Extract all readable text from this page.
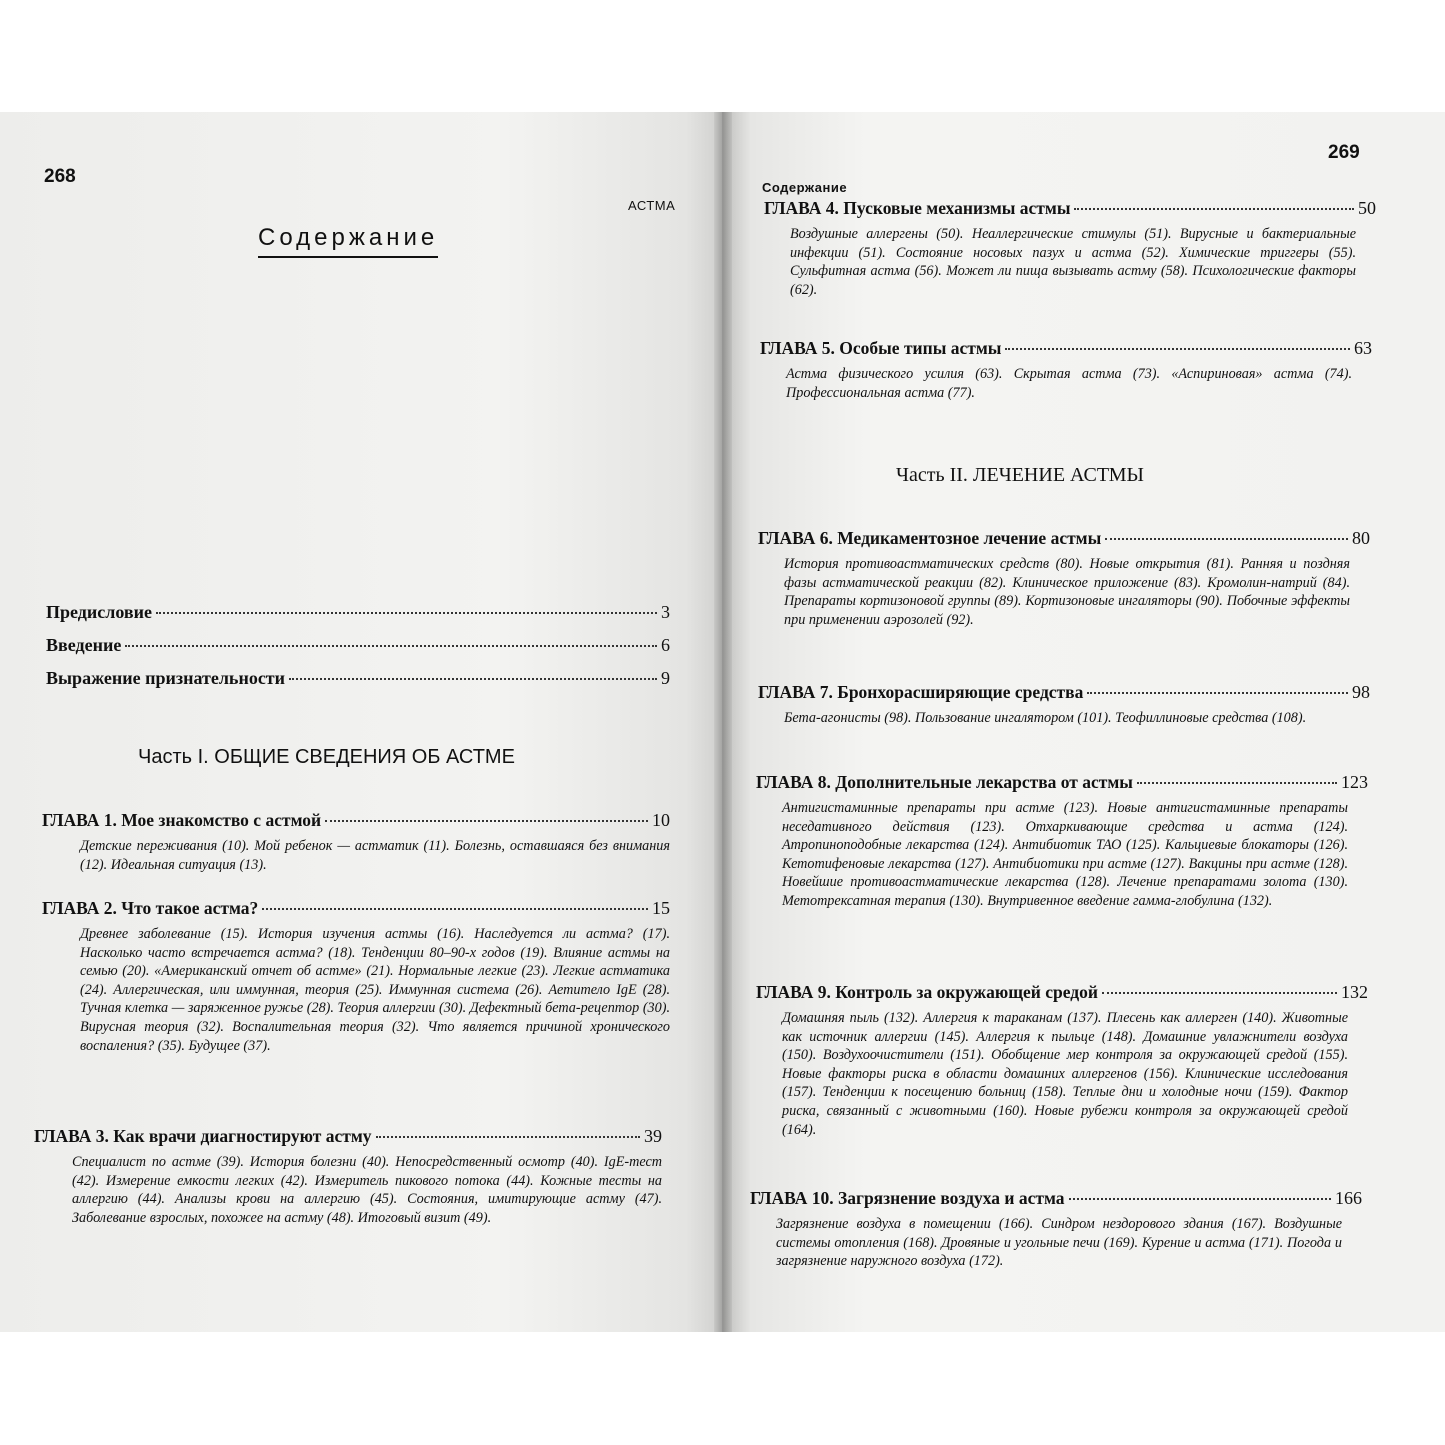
268
АСТМА
Содержание
Предисловие	3
Введение	6
Выражение признательности	9
Часть I. ОБЩИЕ СВЕДЕНИЯ ОБ АСТМЕ
ГЛАВА 1. Мое знакомство с астмой	10
Детские переживания (10). Мой ребенок — астматик (11). Болезнь, оставшаяся без внимания (12). Идеальная ситуация (13).
ГЛАВА 2. Что такое астма?	15
Древнее заболевание (15). История изучения астмы (16). Наследуется ли астма? (17). Насколько часто встречается астма? (18). Тенденции 80–90-х годов (19). Влияние астмы на семью (20). «Американский отчет об астме» (21). Нормальные легкие (23). Легкие астматика (24). Аллергическая, или иммунная, теория (25). Иммунная система (26). Аетитело IgE (28). Тучная клетка — заряженное ружье (28). Теория аллергии (30). Дефектный бета-рецептор (30). Вирусная теория (32). Воспалительная теория (32). Что является причиной хронического воспаления? (35). Будущее (37).
ГЛАВА 3. Как врачи диагностируют астму	39
Специалист по астме (39). История болезни (40). Непосредственный осмотр (40). IgE-тест (42). Измерение емкости легких (42). Измеритель пикового потока (44). Кожные тесты на аллергию (44). Анализы крови на аллергию (45). Состояния, имитирующие астму (47). Заболевание взрослых, похожее на астму (48). Итоговый визит (49).
269
Содержание
ГЛАВА 4. Пусковые механизмы астмы	50
Воздушные аллергены (50). Неаллергические стимулы (51). Вирусные и бактериальные инфекции (51). Состояние носовых пазух и астма (52). Химические триггеры (55). Сульфитная астма (56). Может ли пища вызывать астму (58). Психологические факторы (62).
ГЛАВА 5. Особые типы астмы	63
Астма физического усилия (63). Скрытая астма (73). «Аспириновая» астма (74). Профессиональная астма (77).
Часть II. ЛЕЧЕНИЕ АСТМЫ
ГЛАВА 6. Медикаментозное лечение астмы	80
История противоастматических средств (80). Новые открытия (81). Ранняя и поздняя фазы астматической реакции (82). Клиническое приложение (83). Кромолин-натрий (84). Препараты кортизоновой группы (89). Кортизоновые ингаляторы (90). Побочные эффекты при применении аэрозолей (92).
ГЛАВА 7. Бронхорасширяющие средства	98
Бета-агонисты (98). Пользование ингалятором (101). Теофиллиновые средства (108).
ГЛАВА 8. Дополнительные лекарства от астмы	123
Антигистаминные препараты при астме (123). Новые антигистаминные препараты неседативного действия (123). Отхаркивающие средства и астма (124). Атропиноподобные лекарства (124). Антибиотик ТАО (125). Кальциевые блокаторы (126). Кетотифеновые лекарства (127). Антибиотики при астме (127). Вакцины при астме (128). Новейшие противоастматические лекарства (128). Лечение препаратами золота (130). Метотрексатная терапия (130). Внутривенное введение гамма-глобулина (132).
ГЛАВА 9. Контроль за окружающей средой	132
Домашняя пыль (132). Аллергия к тараканам (137). Плесень как аллерген (140). Животные как источник аллергии (145). Аллергия к пыльце (148). Домашние увлажнители воздуха (150). Воздухоочистители (151). Обобщение мер контроля за окружающей средой (155). Новые факторы риска в области домашних аллергенов (156). Клинические исследования (157). Тенденции к посещению больниц (158). Теплые дни и холодные ночи (159). Фактор риска, связанный с животными (160). Новые рубежи контроля за окружающей средой (164).
ГЛАВА 10. Загрязнение воздуха и астма	166
Загрязнение воздуха в помещении (166). Синдром нездорового здания (167). Воздушные системы отопления (168). Дровяные и угольные печи (169). Курение и астма (171). Погода и загрязнение наружного воздуха (172).
